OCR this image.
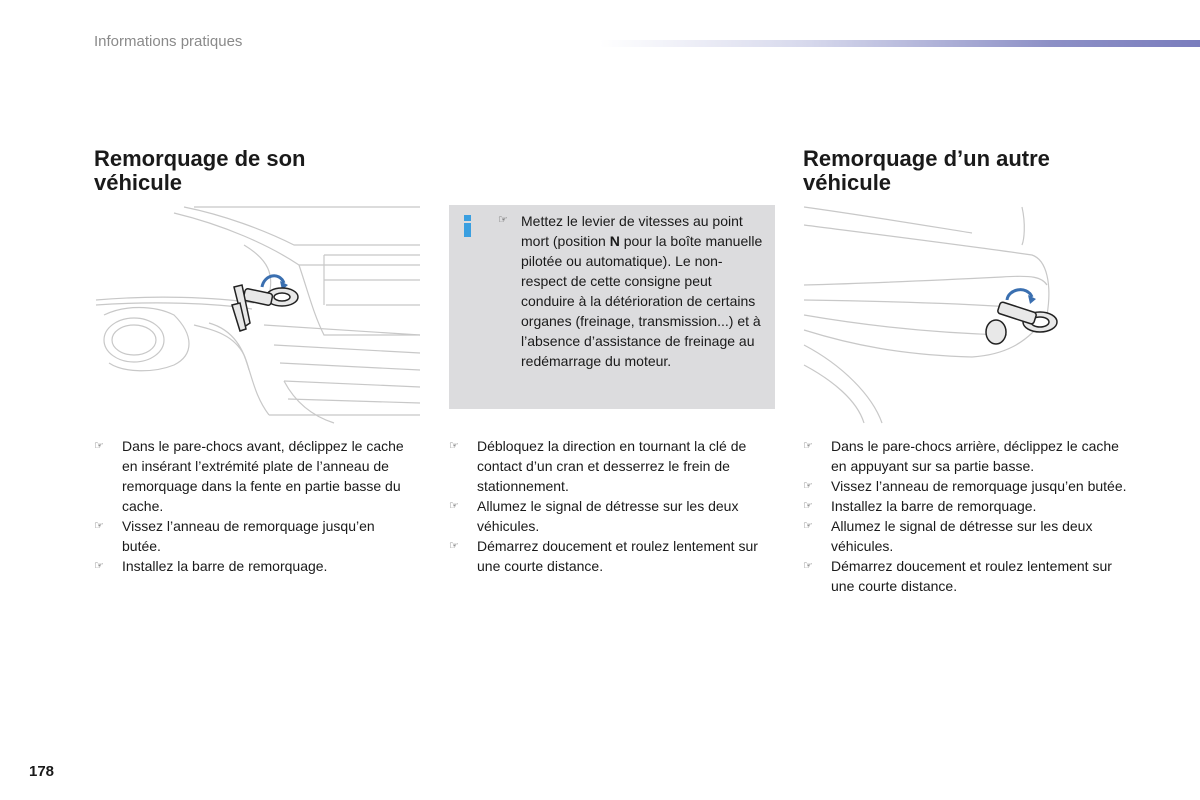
Informations pratiques
Remorquage de son
véhicule
Remorquage d’un autre
véhicule
☞ Mettez le levier de vitesses au point mort (position N pour la boîte manuelle pilotée ou automatique). Le non-respect de cette consigne peut conduire à la détérioration de certains organes (freinage, transmission...) et à l’absence d’assistance de freinage au redémarrage du moteur.
☞ Dans le pare-chocs avant, déclippez le cache en insérant l’extrémité plate de l’anneau de remorquage dans la fente en partie basse du cache.
☞ Vissez l’anneau de remorquage jusqu’en butée.
☞ Installez la barre de remorquage.
☞ Débloquez la direction en tournant la clé de contact d’un cran et desserrez le frein de stationnement.
☞ Allumez le signal de détresse sur les deux véhicules.
☞ Démarrez doucement et roulez lentement sur une courte distance.
☞ Dans le pare-chocs arrière, déclippez le cache en appuyant sur sa partie basse.
☞ Vissez l’anneau de remorquage jusqu’en butée.
☞ Installez la barre de remorquage.
☞ Allumez le signal de détresse sur les deux véhicules.
☞ Démarrez doucement et roulez lentement sur une courte distance.
178
